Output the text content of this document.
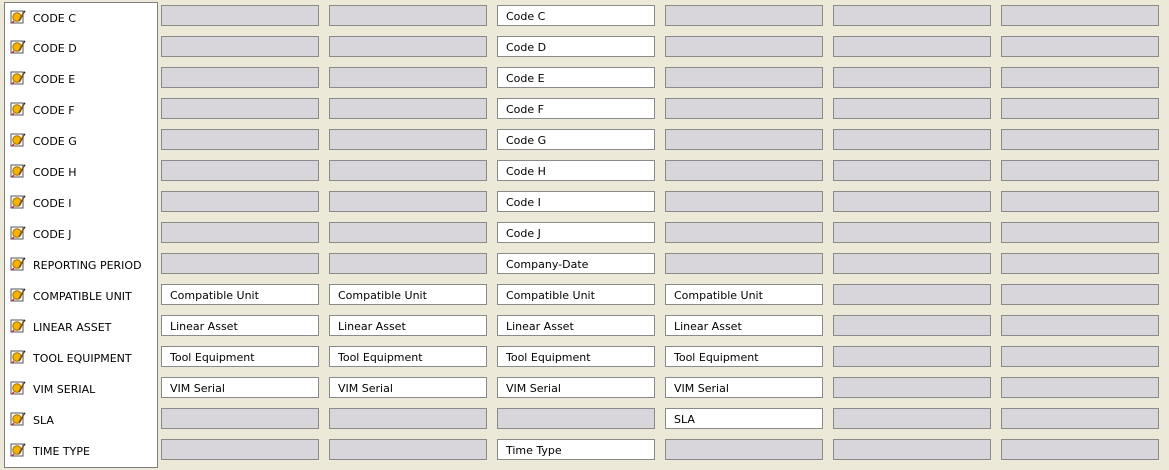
CODE C	Code C
CODE D	Code D
CODE E	Code E
CODE F	Code F
CODE G	Code G
CODE H	Code H
CODE I	Code I
CODE J	Code J
REPORTING PERIOD	Company-Date
COMPATIBLE UNIT	Compatible Unit	Compatible Unit	Compatible Unit	Compatible Unit
LINEAR ASSET	Linear Asset	Linear Asset	Linear Asset	Linear Asset
TOOL EQUIPMENT	Tool Equipment	Tool Equipment	Tool Equipment	Tool Equipment
VIM SERIAL	VIM Serial	VIM Serial	VIM Serial	VIM Serial
SLA	SLA
TIME TYPE	Time Type
